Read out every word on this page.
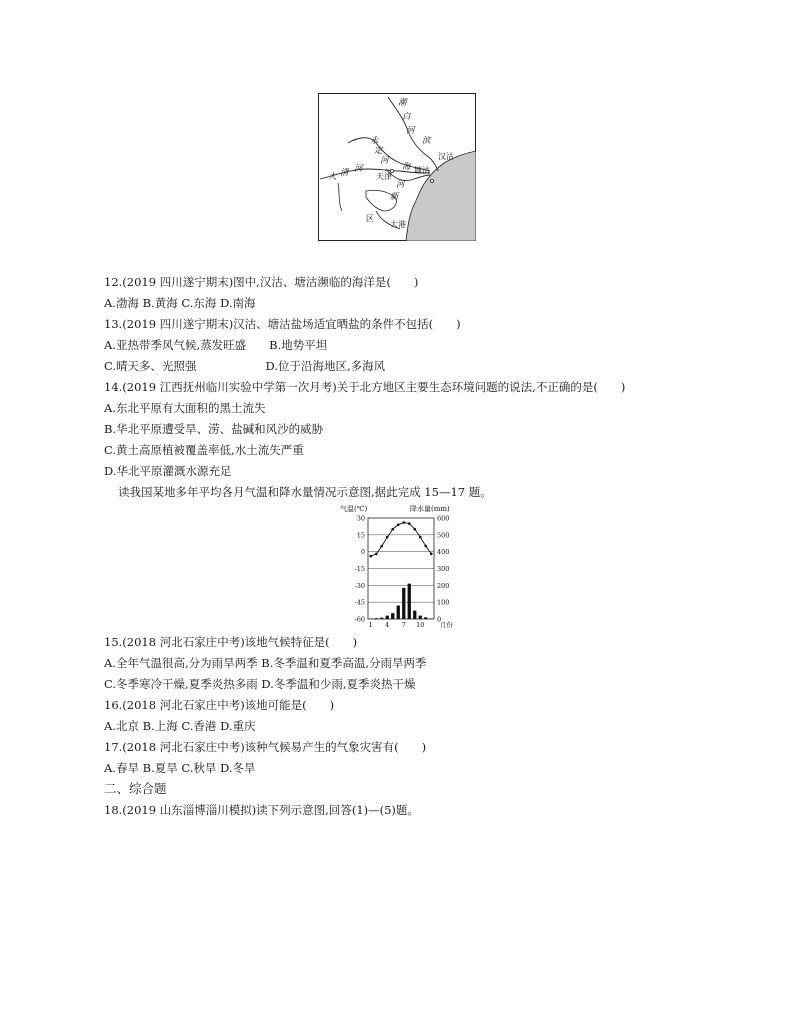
潮
白
河
滨
永
定
河
大 清 河	海
河
新
汉沽
天津
塘沽
区
大港
12.(2019 四川遂宁期末)图中,汉沽、塘沽濒临的海洋是(　　)
A.渤海 B.黄海 C.东海 D.南海
13.(2019 四川遂宁期末)汉沽、塘沽盐场适宜晒盐的条件不包括(　　)
A.亚热带季风气候,蒸发旺盛　　B.地势平坦
C.晴天多、光照强　　　　　　D.位于沿海地区,多海风
14.(2019 江西抚州临川实验中学第一次月考)关于北方地区主要生态环境问题的说法,不正确的是(　　)
A.东北平原有大面积的黑土流失
B.华北平原遭受旱、涝、盐碱和风沙的威胁
C.黄土高原植被覆盖率低,水土流失严重
D.华北平原灌溉水源充足
读我国某地多年平均各月气温和降水量情况示意图,据此完成 15—17 题。
气温(℃)	降水量(mm)
30	600
15	500
0	400
-15	300
-30	200
-45	100
-60	0
1 4 7 10 月份
15.(2018 河北石家庄中考)该地气候特征是(　　)
A.全年气温很高,分为雨旱两季 B.冬季温和夏季高温,分雨旱两季
C.冬季寒冷干燥,夏季炎热多雨 D.冬季温和少雨,夏季炎热干燥
16.(2018 河北石家庄中考)该地可能是(　　)
A.北京 B.上海 C.香港 D.重庆
17.(2018 河北石家庄中考)该种气候易产生的气象灾害有(　　)
A.春旱 B.夏旱 C.秋旱 D.冬旱
二、综合题
18.(2019 山东淄博淄川模拟)读下列示意图,回答(1)—(5)题。
